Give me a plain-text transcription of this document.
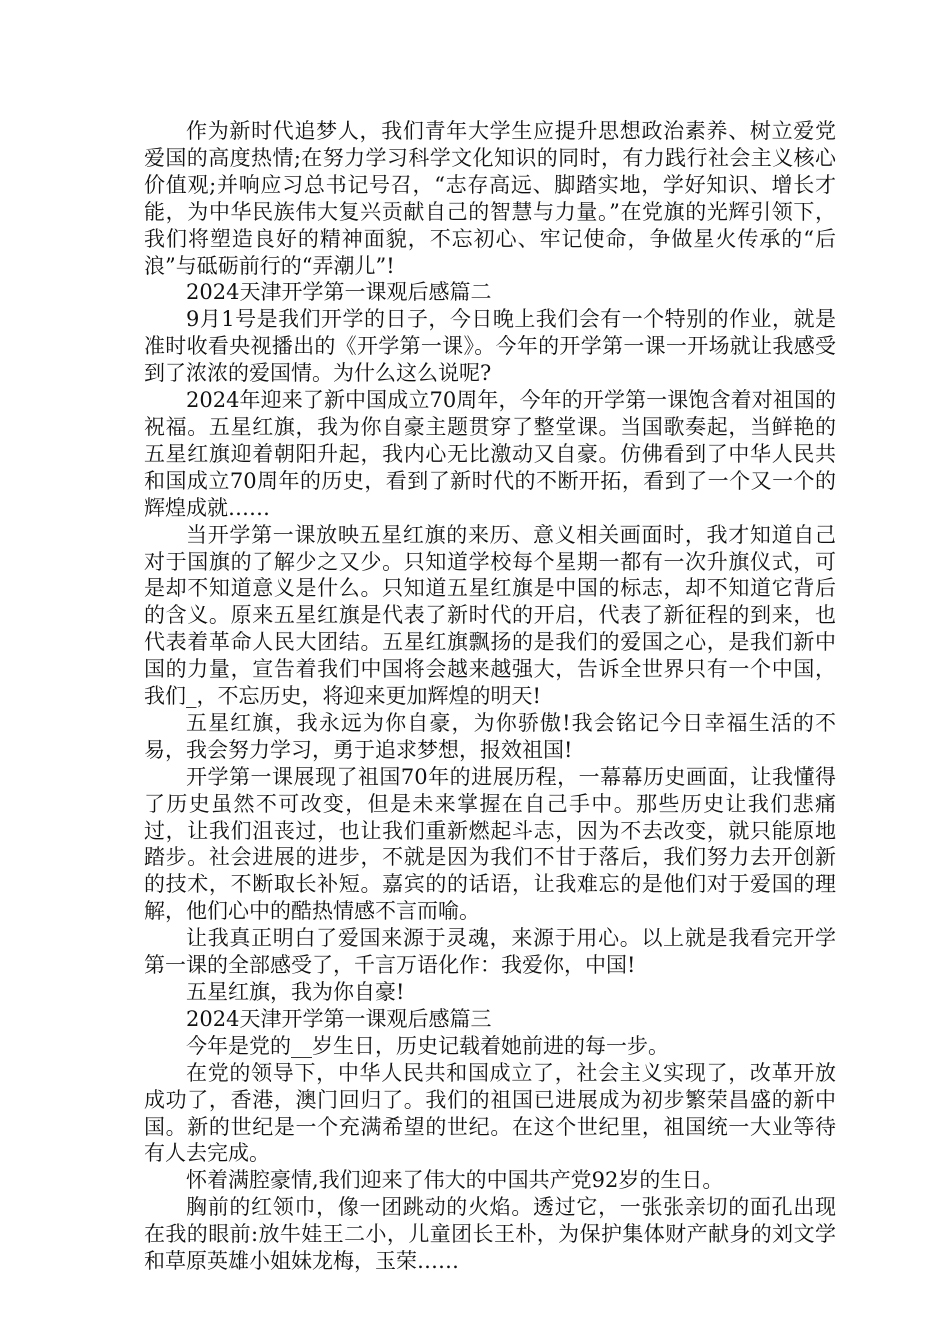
作为新时代追梦人，我们青年大学生应提升思想政治素养、树立爱党爱国的高度热情;在努力学习科学文化知识的同时，有力践行社会主义核心价值观;并响应习总书记号召，“志存高远、脚踏实地，学好知识、增长才能，为中华民族伟大复兴贡献自己的智慧与力量。”在党旗的光辉引领下，我们将塑造良好的精神面貌，不忘初心、牢记使命，争做星火传承的“后浪”与砥砺前行的“弄潮儿”!

2024天津开学第一课观后感篇二

9月1号是我们开学的日子，今日晚上我们会有一个特别的作业，就是准时收看央视播出的《开学第一课》。今年的开学第一课一开场就让我感受到了浓浓的爱国情。为什么这么说呢?

2024年迎来了新中国成立70周年，今年的开学第一课饱含着对祖国的祝福。五星红旗，我为你自豪主题贯穿了整堂课。当国歌奏起，当鲜艳的五星红旗迎着朝阳升起，我内心无比激动又自豪。仿佛看到了中华人民共和国成立70周年的历史，看到了新时代的不断开拓，看到了一个又一个的辉煌成就……

当开学第一课放映五星红旗的来历、意义相关画面时，我才知道自己对于国旗的了解少之又少。只知道学校每个星期一都有一次升旗仪式，可是却不知道意义是什么。只知道五星红旗是中国的标志，却不知道它背后的含义。原来五星红旗是代表了新时代的开启，代表了新征程的到来，也代表着革命人民大团结。五星红旗飘扬的是我们的爱国之心，是我们新中国的力量，宣告着我们中国将会越来越强大，告诉全世界只有一个中国，我们_，不忘历史，将迎来更加辉煌的明天!

五星红旗，我永远为你自豪，为你骄傲!我会铭记今日幸福生活的不易，我会努力学习，勇于追求梦想，报效祖国!

开学第一课展现了祖国70年的进展历程，一幕幕历史画面，让我懂得了历史虽然不可改变，但是未来掌握在自己手中。那些历史让我们悲痛过，让我们沮丧过，也让我们重新燃起斗志，因为不去改变，就只能原地踏步。社会进展的进步，不就是因为我们不甘于落后，我们努力去开创新的技术，不断取长补短。嘉宾的的话语，让我难忘的是他们对于爱国的理解，他们心中的酷热情感不言而喻。

让我真正明白了爱国来源于灵魂，来源于用心。以上就是我看完开学第一课的全部感受了，千言万语化作：我爱你，中国!

五星红旗，我为你自豪!

2024天津开学第一课观后感篇三

今年是党的__岁生日，历史记载着她前进的每一步。

在党的领导下，中华人民共和国成立了，社会主义实现了，改革开放成功了，香港，澳门回归了。我们的祖国已进展成为初步繁荣昌盛的新中国。新的世纪是一个充满希望的世纪。在这个世纪里，祖国统一大业等待有人去完成。

怀着满腔豪情,我们迎来了伟大的中国共产党92岁的生日。

胸前的红领巾，像一团跳动的火焰。透过它，一张张亲切的面孔出现在我的眼前:放牛娃王二小，儿童团长王朴，为保护集体财产献身的刘文学和草原英雄小姐妹龙梅，玉荣……
